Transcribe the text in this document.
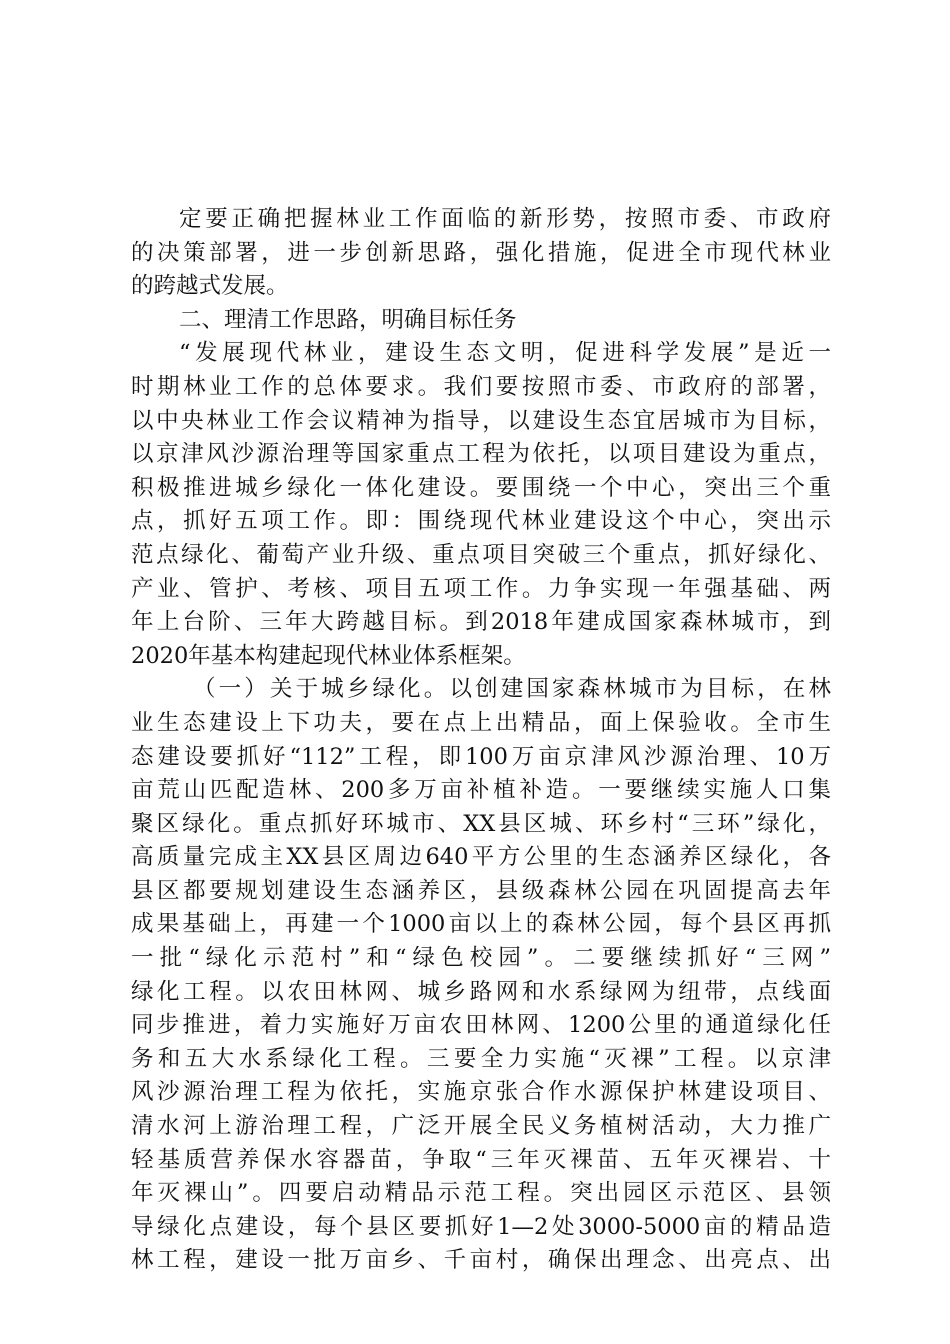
定要正确把握林业工作面临的新形势，按照市委、市政府
的决策部署，进一步创新思路，强化措施，促进全市现代林业
的跨越式发展。
二、理清工作思路，明确目标任务
“发展现代林业，建设生态文明，促进科学发展”是近一
时期林业工作的总体要求。我们要按照市委、市政府的部署，
以中央林业工作会议精神为指导，以建设生态宜居城市为目标，
以京津风沙源治理等国家重点工程为依托，以项目建设为重点，
积极推进城乡绿化一体化建设。要围绕一个中心，突出三个重
点，抓好五项工作。即：围绕现代林业建设这个中心，突出示
范点绿化、葡萄产业升级、重点项目突破三个重点，抓好绿化、
产业、管护、考核、项目五项工作。力争实现一年强基础、两
年上台阶、三年大跨越目标。到2018年建成国家森林城市，到
2020年基本构建起现代林业体系框架。
（一）关于城乡绿化。以创建国家森林城市为目标，在林
业生态建设上下功夫，要在点上出精品，面上保验收。全市生
态建设要抓好“112”工程，即100万亩京津风沙源治理、10万
亩荒山匹配造林、200多万亩补植补造。一要继续实施人口集
聚区绿化。重点抓好环城市、XX县区城、环乡村“三环”绿化，
高质量完成主XX县区周边640平方公里的生态涵养区绿化，各
县区都要规划建设生态涵养区，县级森林公园在巩固提高去年
成果基础上，再建一个1000亩以上的森林公园，每个县区再抓
一批“绿化示范村”和“绿色校园”。二要继续抓好“三网”
绿化工程。以农田林网、城乡路网和水系绿网为纽带，点线面
同步推进，着力实施好万亩农田林网、1200公里的通道绿化任
务和五大水系绿化工程。三要全力实施“灭裸”工程。以京津
风沙源治理工程为依托，实施京张合作水源保护林建设项目、
清水河上游治理工程，广泛开展全民义务植树活动，大力推广
轻基质营养保水容器苗，争取“三年灭裸苗、五年灭裸岩、十
年灭裸山”。四要启动精品示范工程。突出园区示范区、县领
导绿化点建设，每个县区要抓好1—2处3000-5000亩的精品造
林工程，建设一批万亩乡、千亩村，确保出理念、出亮点、出
